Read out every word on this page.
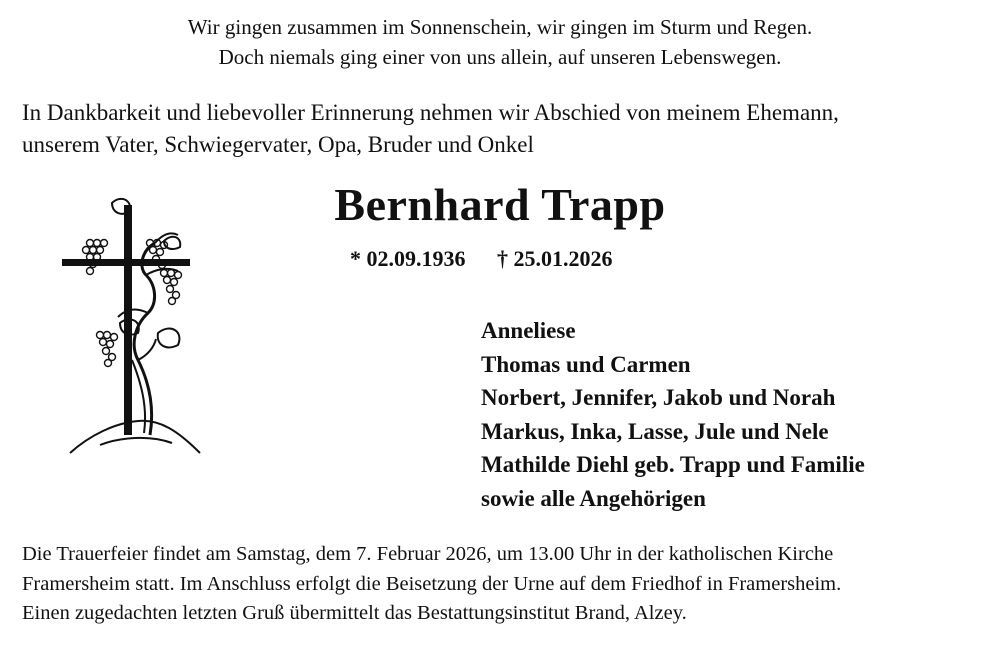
Wir gingen zusammen im Sonnenschein, wir gingen im Sturm und Regen.
Doch niemals ging einer von uns allein, auf unseren Lebenswegen.
In Dankbarkeit und liebevoller Erinnerung nehmen wir Abschied von meinem Ehemann,
unserem Vater, Schwiegervater, Opa, Bruder und Onkel
Bernhard Trapp
* 02.09.1936 † 25.01.2026
Anneliese
Thomas und Carmen
Norbert, Jennifer, Jakob und Norah
Markus, Inka, Lasse, Jule und Nele
Mathilde Diehl geb. Trapp und Familie
sowie alle Angehörigen
Die Trauerfeier findet am Samstag, dem 7. Februar 2026, um 13.00 Uhr in der katholischen Kirche
Framersheim statt. Im Anschluss erfolgt die Beisetzung der Urne auf dem Friedhof in Framersheim.
Einen zugedachten letzten Gruß übermittelt das Bestattungsinstitut Brand, Alzey.
